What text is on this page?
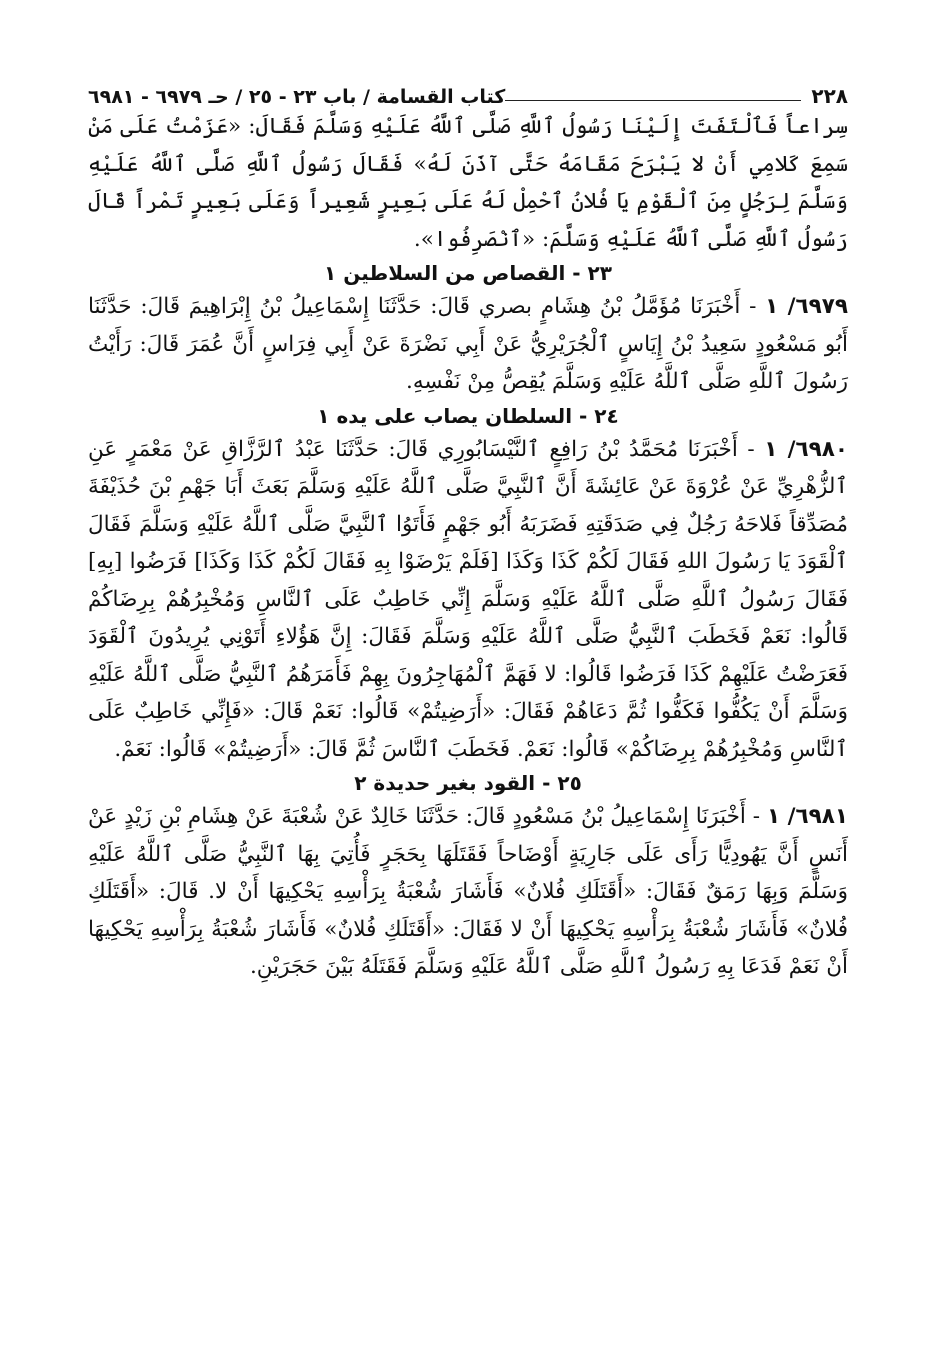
٢٢٨
كتاب القسامة / باب ٢٣ - ٢٥ / حـ ٦٩٧٩ - ٦٩٨١

سِراعاً فَٱلْتَفَتَ إِلَيْنَا رَسُولُ ٱللَّهِ صَلَّى ٱللَّهُ عَلَيْهِ وَسَلَّمَ فَقَالَ: «عَزَمْتُ عَلَى مَنْ سَمِعَ كَلامِي أَنْ لا يَبْرَحَ مَقَامَهُ حَتَّى آذَنَ لَهُ» فَقَالَ رَسُولُ ٱللَّهِ صَلَّى ٱللَّهُ عَلَيْهِ وَسَلَّمَ لِرَجُلٍ مِنَ ٱلْقَوْمِ يَا فُلانُ ٱحْمِلْ لَهُ عَلَى بَعِيرٍ شَعِيراً وَعَلَى بَعِيرٍ تَمْراً قَالَ رَسُولُ ٱللَّهِ صَلَّى ٱللَّهُ عَلَيْهِ وَسَلَّمَ: «ٱنْصَرِفُوا».

٢٣ - القصاص من السلاطين ١

٦٩٧٩/ ١ - أَخْبَرَنَا مُؤَمَّلُ بْنُ هِشَامٍ بصري قَالَ: حَدَّثَنَا إِسْمَاعِيلُ بْنُ إِبْرَاهِيمَ قَالَ: حَدَّثَنَا أَبُو مَسْعُودٍ سَعِيدُ بْنُ إِيَاسٍ ٱلْجُرَيْرِيُّ عَنْ أَبِي نَضْرَةَ عَنْ أَبِي فِرَاسٍ أَنَّ عُمَرَ قَالَ: رَأَيْتُ رَسُولَ ٱللَّهِ صَلَّى ٱللَّهُ عَلَيْهِ وَسَلَّمَ يُقِصُّ مِنْ نَفْسِهِ.

٢٤ - السلطان يصاب على يده ١

٦٩٨٠/ ١ - أَخْبَرَنَا مُحَمَّدُ بْنُ رَافِعٍ ٱلنَّيْسَابُورِي قَالَ: حَدَّثَنَا عَبْدُ ٱلرَّزَّاقِ عَنْ مَعْمَرٍ عَنِ ٱلزُّهْرِيِّ عَنْ عُرْوَةَ عَنْ عَائِشَةَ أَنَّ ٱلنَّبِيَّ صَلَّى ٱللَّهُ عَلَيْهِ وَسَلَّمَ بَعَثَ أَبَا جَهْمِ بْنَ حُذَيْفَةَ مُصَدِّقاً فَلاحَهُ رَجُلٌ فِي صَدَقَتِهِ فَضَرَبَهُ أَبُو جَهْمٍ فَأَتَوُا ٱلنَّبِيَّ صَلَّى ٱللَّهُ عَلَيْهِ وَسَلَّمَ فَقَالَ ٱلْقَوَدَ يَا رَسُولَ اللهِ فَقَالَ لَكُمْ كَذَا وَكَذَا [فَلَمْ يَرْضَوْا بِهِ فَقَالَ لَكُمْ كَذَا وَكَذَا] فَرَضُوا [بِهِ] فَقَالَ رَسُولُ ٱللَّهِ صَلَّى ٱللَّهُ عَلَيْهِ وَسَلَّمَ إِنِّي خَاطِبٌ عَلَى ٱلنَّاسِ وَمُخْبِرُهُمْ بِرِضَاكُمْ قَالُوا: نَعَمْ فَخَطَبَ ٱلنَّبِيُّ صَلَّى ٱللَّهُ عَلَيْهِ وَسَلَّمَ فَقَالَ: إِنَّ هَؤُلاءِ أَتَوْنِي يُرِيدُونَ ٱلْقَوَدَ فَعَرَضْتُ عَلَيْهِمْ كَذَا فَرَضُوا قَالُوا: لا فَهَمَّ ٱلْمُهَاجِرُونَ بِهِمْ فَأَمَرَهُمُ ٱلنَّبِيُّ صَلَّى ٱللَّهُ عَلَيْهِ وَسَلَّمَ أَنْ يَكُفُّوا فَكَفُّوا ثُمَّ دَعَاهُمْ فَقَالَ: «أَرَضِيتُمْ» قَالُوا: نَعَمْ قَالَ: «فَإِنِّي خَاطِبٌ عَلَى ٱلنَّاسِ وَمُخْبِرُهُمْ بِرِضَاكُمْ» قَالُوا: نَعَمْ. فَخَطَبَ ٱلنَّاسَ ثُمَّ قَالَ: «أَرَضِيتُمْ» قَالُوا: نَعَمْ.

٢٥ - القود بغير حديدة ٢

٦٩٨١/ ١ - أَخْبَرَنَا إِسْمَاعِيلُ بْنُ مَسْعُودٍ قَالَ: حَدَّثَنَا خَالِدٌ عَنْ شُعْبَةَ عَنْ هِشَامِ بْنِ زَيْدٍ عَنْ أَنَسٍ أَنَّ يَهُودِيًّا رَأَى عَلَى جَارِيَةٍ أَوْضَاحاً فَقَتَلَهَا بِحَجَرٍ فَأُتِيَ بِهَا ٱلنَّبِيُّ صَلَّى ٱللَّهُ عَلَيْهِ وَسَلَّمَ وَبِهَا رَمَقٌ فَقَالَ: «أَقَتَلَكِ فُلانٌ» فَأَشَارَ شُعْبَةُ بِرَأْسِهِ يَحْكِيهَا أَنْ لا. قَالَ: «أَقَتَلَكِ فُلانٌ» فَأَشَارَ شُعْبَةُ بِرَأْسِهِ يَحْكِيهَا أَنْ لا فَقَالَ: «أَقَتَلَكِ فُلانٌ» فَأَشَارَ شُعْبَةُ بِرَأْسِهِ يَحْكِيهَا أَنْ نَعَمْ فَدَعَا بِهِ رَسُولُ ٱللَّهِ صَلَّى ٱللَّهُ عَلَيْهِ وَسَلَّمَ فَقَتَلَهُ بَيْنَ حَجَرَيْنِ.
